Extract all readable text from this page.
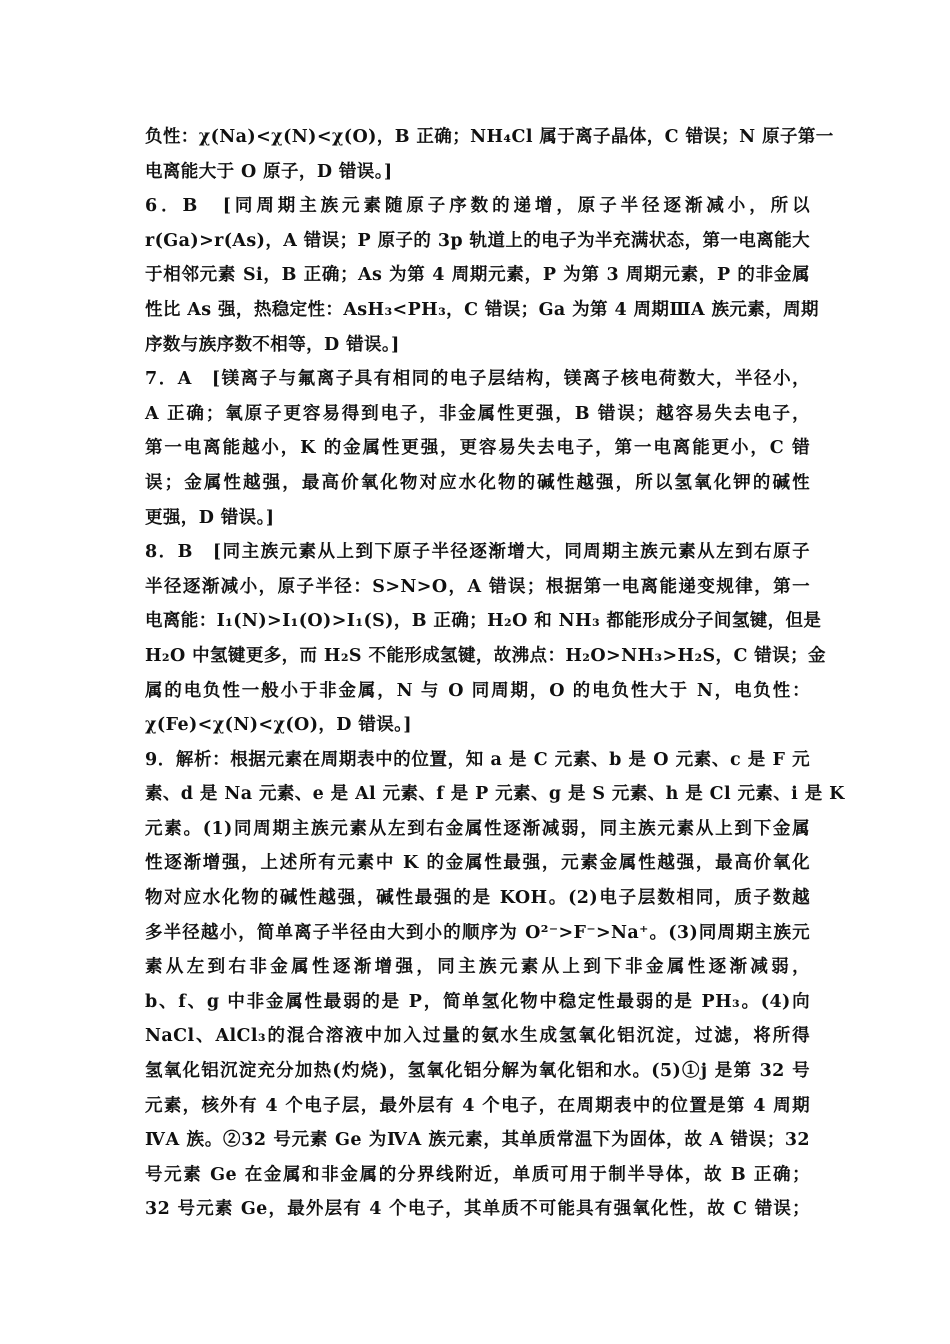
负性：χ(Na)<χ(N)<χ(O)，B 正确；NH₄Cl 属于离子晶体，C 错误；N 原子第一
电离能大于 O 原子，D 错误。]
6．B　[同周期主族元素随原子序数的递增，原子半径逐渐减小，所以
r(Ga)>r(As)，A 错误；P 原子的 3p 轨道上的电子为半充满状态，第一电离能大
于相邻元素 Si，B 正确；As 为第 4 周期元素，P 为第 3 周期元素，P 的非金属
性比 As 强，热稳定性：AsH₃<PH₃，C 错误；Ga 为第 4 周期ⅢA 族元素，周期
序数与族序数不相等，D 错误。]
7．A　[镁离子与氟离子具有相同的电子层结构，镁离子核电荷数大，半径小，
A 正确；氧原子更容易得到电子，非金属性更强，B 错误；越容易失去电子，
第一电离能越小，K 的金属性更强，更容易失去电子，第一电离能更小，C 错
误；金属性越强，最高价氧化物对应水化物的碱性越强，所以氢氧化钾的碱性
更强，D 错误。]
8．B　[同主族元素从上到下原子半径逐渐增大，同周期主族元素从左到右原子
半径逐渐减小，原子半径：S>N>O，A 错误；根据第一电离能递变规律，第一
电离能：I₁(N)>I₁(O)>I₁(S)，B 正确；H₂O 和 NH₃ 都能形成分子间氢键，但是
H₂O 中氢键更多，而 H₂S 不能形成氢键，故沸点：H₂O>NH₃>H₂S，C 错误；金
属的电负性一般小于非金属，N 与 O 同周期，O 的电负性大于 N，电负性：
χ(Fe)<χ(N)<χ(O)，D 错误。]
9．解析：根据元素在周期表中的位置，知 a 是 C 元素、b 是 O 元素、c 是 F 元
素、d 是 Na 元素、e 是 Al 元素、f 是 P 元素、g 是 S 元素、h 是 Cl 元素、i 是 K
元素。(1)同周期主族元素从左到右金属性逐渐减弱，同主族元素从上到下金属
性逐渐增强，上述所有元素中 K 的金属性最强，元素金属性越强，最高价氧化
物对应水化物的碱性越强，碱性最强的是 KOH。(2)电子层数相同，质子数越
多半径越小，简单离子半径由大到小的顺序为 O²⁻>F⁻>Na⁺。(3)同周期主族元
素从左到右非金属性逐渐增强，同主族元素从上到下非金属性逐渐减弱，
b、f、g 中非金属性最弱的是 P，简单氢化物中稳定性最弱的是 PH₃。(4)向
NaCl、AlCl₃的混合溶液中加入过量的氨水生成氢氧化铝沉淀，过滤，将所得
氢氧化铝沉淀充分加热(灼烧)，氢氧化铝分解为氧化铝和水。(5)①j 是第 32 号
元素，核外有 4 个电子层，最外层有 4 个电子，在周期表中的位置是第 4 周期
ⅣA 族。②32 号元素 Ge 为ⅣA 族元素，其单质常温下为固体，故 A 错误；32
号元素 Ge 在金属和非金属的分界线附近，单质可用于制半导体，故 B 正确；
32 号元素 Ge，最外层有 4 个电子，其单质不可能具有强氧化性，故 C 错误；
